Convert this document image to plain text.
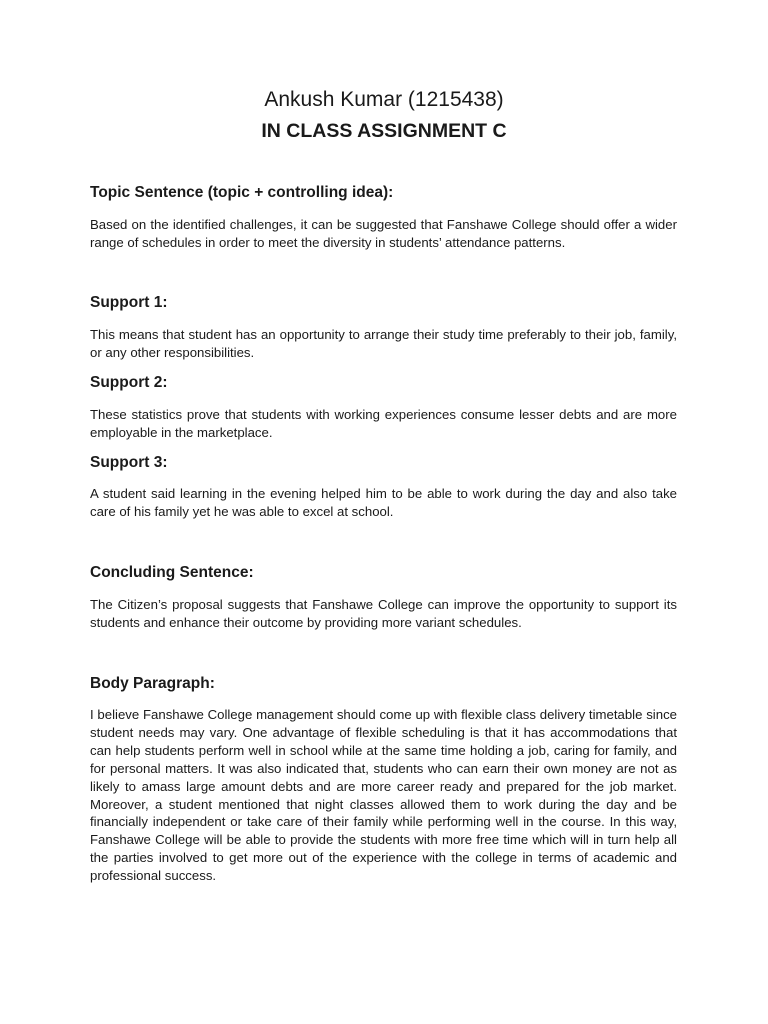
Ankush Kumar (1215438)
IN CLASS ASSIGNMENT C
Topic Sentence (topic + controlling idea):

Based on the identified challenges, it can be suggested that Fanshawe College should offer a wider range of schedules in order to meet the diversity in students’ attendance patterns.

Support 1:

This means that student has an opportunity to arrange their study time preferably to their job, family, or any other responsibilities.

Support 2:

These statistics prove that students with working experiences consume lesser debts and are more employable in the marketplace.

Support 3:

A student said learning in the evening helped him to be able to work during the day and also take care of his family yet he was able to excel at school.

Concluding Sentence:

The Citizen’s proposal suggests that Fanshawe College can improve the opportunity to support its students and enhance their outcome by providing more variant schedules.

Body Paragraph:

I believe Fanshawe College management should come up with flexible class delivery timetable since student needs may vary. One advantage of flexible scheduling is that it has accommodations that can help students perform well in school while at the same time holding a job, caring for family, and for personal matters. It was also indicated that, students who can earn their own money are not as likely to amass large amount debts and are more career ready and prepared for the job market. Moreover, a student mentioned that night classes allowed them to work during the day and be financially independent or take care of their family while performing well in the course. In this way, Fanshawe College will be able to provide the students with more free time which will in turn help all the parties involved to get more out of the experience with the college in terms of academic and professional success.
